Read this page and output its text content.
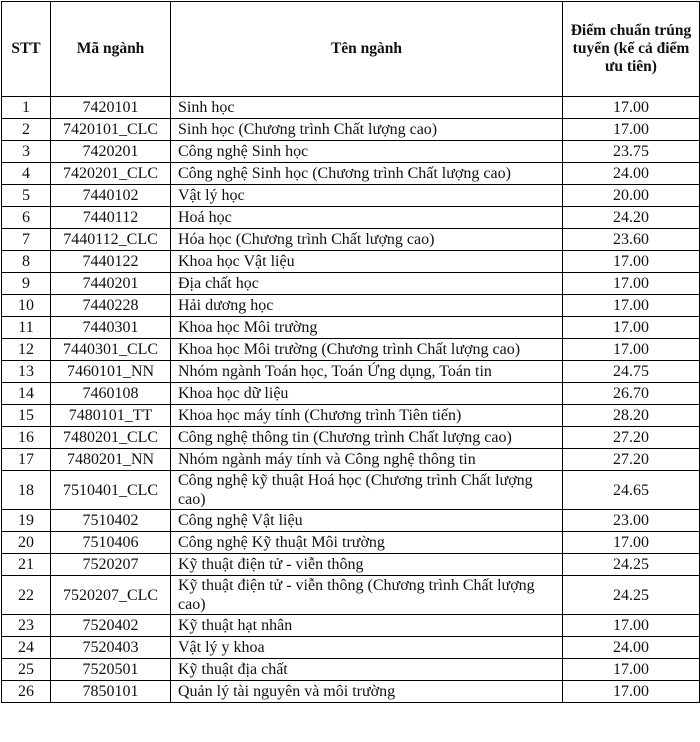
STT	Mã ngành	Tên ngành	Điểm chuẩn trúng tuyển (kể cả điểm ưu tiên)
1	7420101	Sinh học	17.00
2	7420101_CLC	Sinh học (Chương trình Chất lượng cao)	17.00
3	7420201	Công nghệ Sinh học	23.75
4	7420201_CLC	Công nghệ Sinh học (Chương trình Chất lượng cao)	24.00
5	7440102	Vật lý học	20.00
6	7440112	Hoá học	24.20
7	7440112_CLC	Hóa học (Chương trình Chất lượng cao)	23.60
8	7440122	Khoa học Vật liệu	17.00
9	7440201	Địa chất học	17.00
10	7440228	Hải dương học	17.00
11	7440301	Khoa học Môi trường	17.00
12	7440301_CLC	Khoa học Môi trường (Chương trình Chất lượng cao)	17.00
13	7460101_NN	Nhóm ngành Toán học, Toán Ứng dụng, Toán tin	24.75
14	7460108	Khoa học dữ liệu	26.70
15	7480101_TT	Khoa học máy tính (Chương trình Tiên tiến)	28.20
16	7480201_CLC	Công nghệ thông tin (Chương trình Chất lượng cao)	27.20
17	7480201_NN	Nhóm ngành máy tính và Công nghệ thông tin	27.20
18	7510401_CLC	Công nghệ kỹ thuật Hoá học (Chương trình Chất lượng cao)	24.65
19	7510402	Công nghệ Vật liệu	23.00
20	7510406	Công nghệ Kỹ thuật Môi trường	17.00
21	7520207	Kỹ thuật điện tử - viễn thông	24.25
22	7520207_CLC	Kỹ thuật điện tử - viễn thông (Chương trình Chất lượng cao)	24.25
23	7520402	Kỹ thuật hạt nhân	17.00
24	7520403	Vật lý y khoa	24.00
25	7520501	Kỹ thuật địa chất	17.00
26	7850101	Quản lý tài nguyên và môi trường	17.00
